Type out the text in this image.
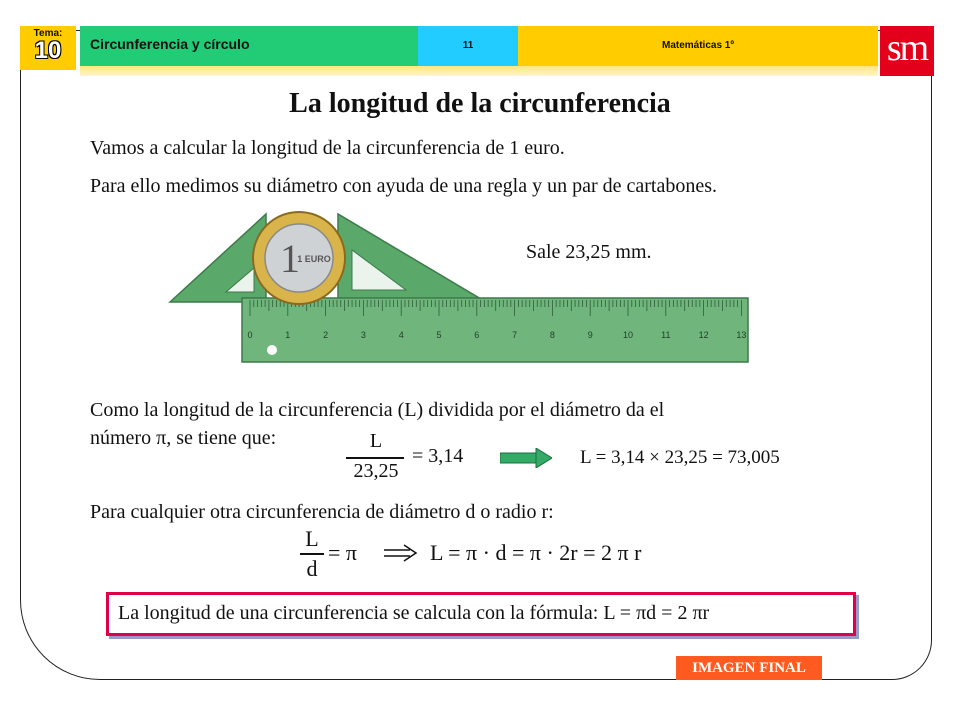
Tema:
10	Circunferencia y círculo	11	Matemáticas 1º	sm
La longitud de la circunferencia
Vamos a calcular la longitud de la circunferencia de 1 euro.
Para ello medimos su diámetro con ayuda de una regla y un par de cartabones.
0	1	2	3	4	5	6	7	8	9	10	11	12	13
1
1 EURO	Sale 23,25 mm.
Como la longitud de la circunferencia (L) dividida por el diámetro da el
número π, se tiene que:	L
23,25
= 3,14	L = 3,14 × 23,25 = 73,005
Para cualquier otra circunferencia de diámetro d o radio r:
L
d
= π	L = π · d = π · 2r = 2 π r
La longitud de una circunferencia se calcula con la fórmula: L = πd = 2 πr
IMAGEN FINAL
